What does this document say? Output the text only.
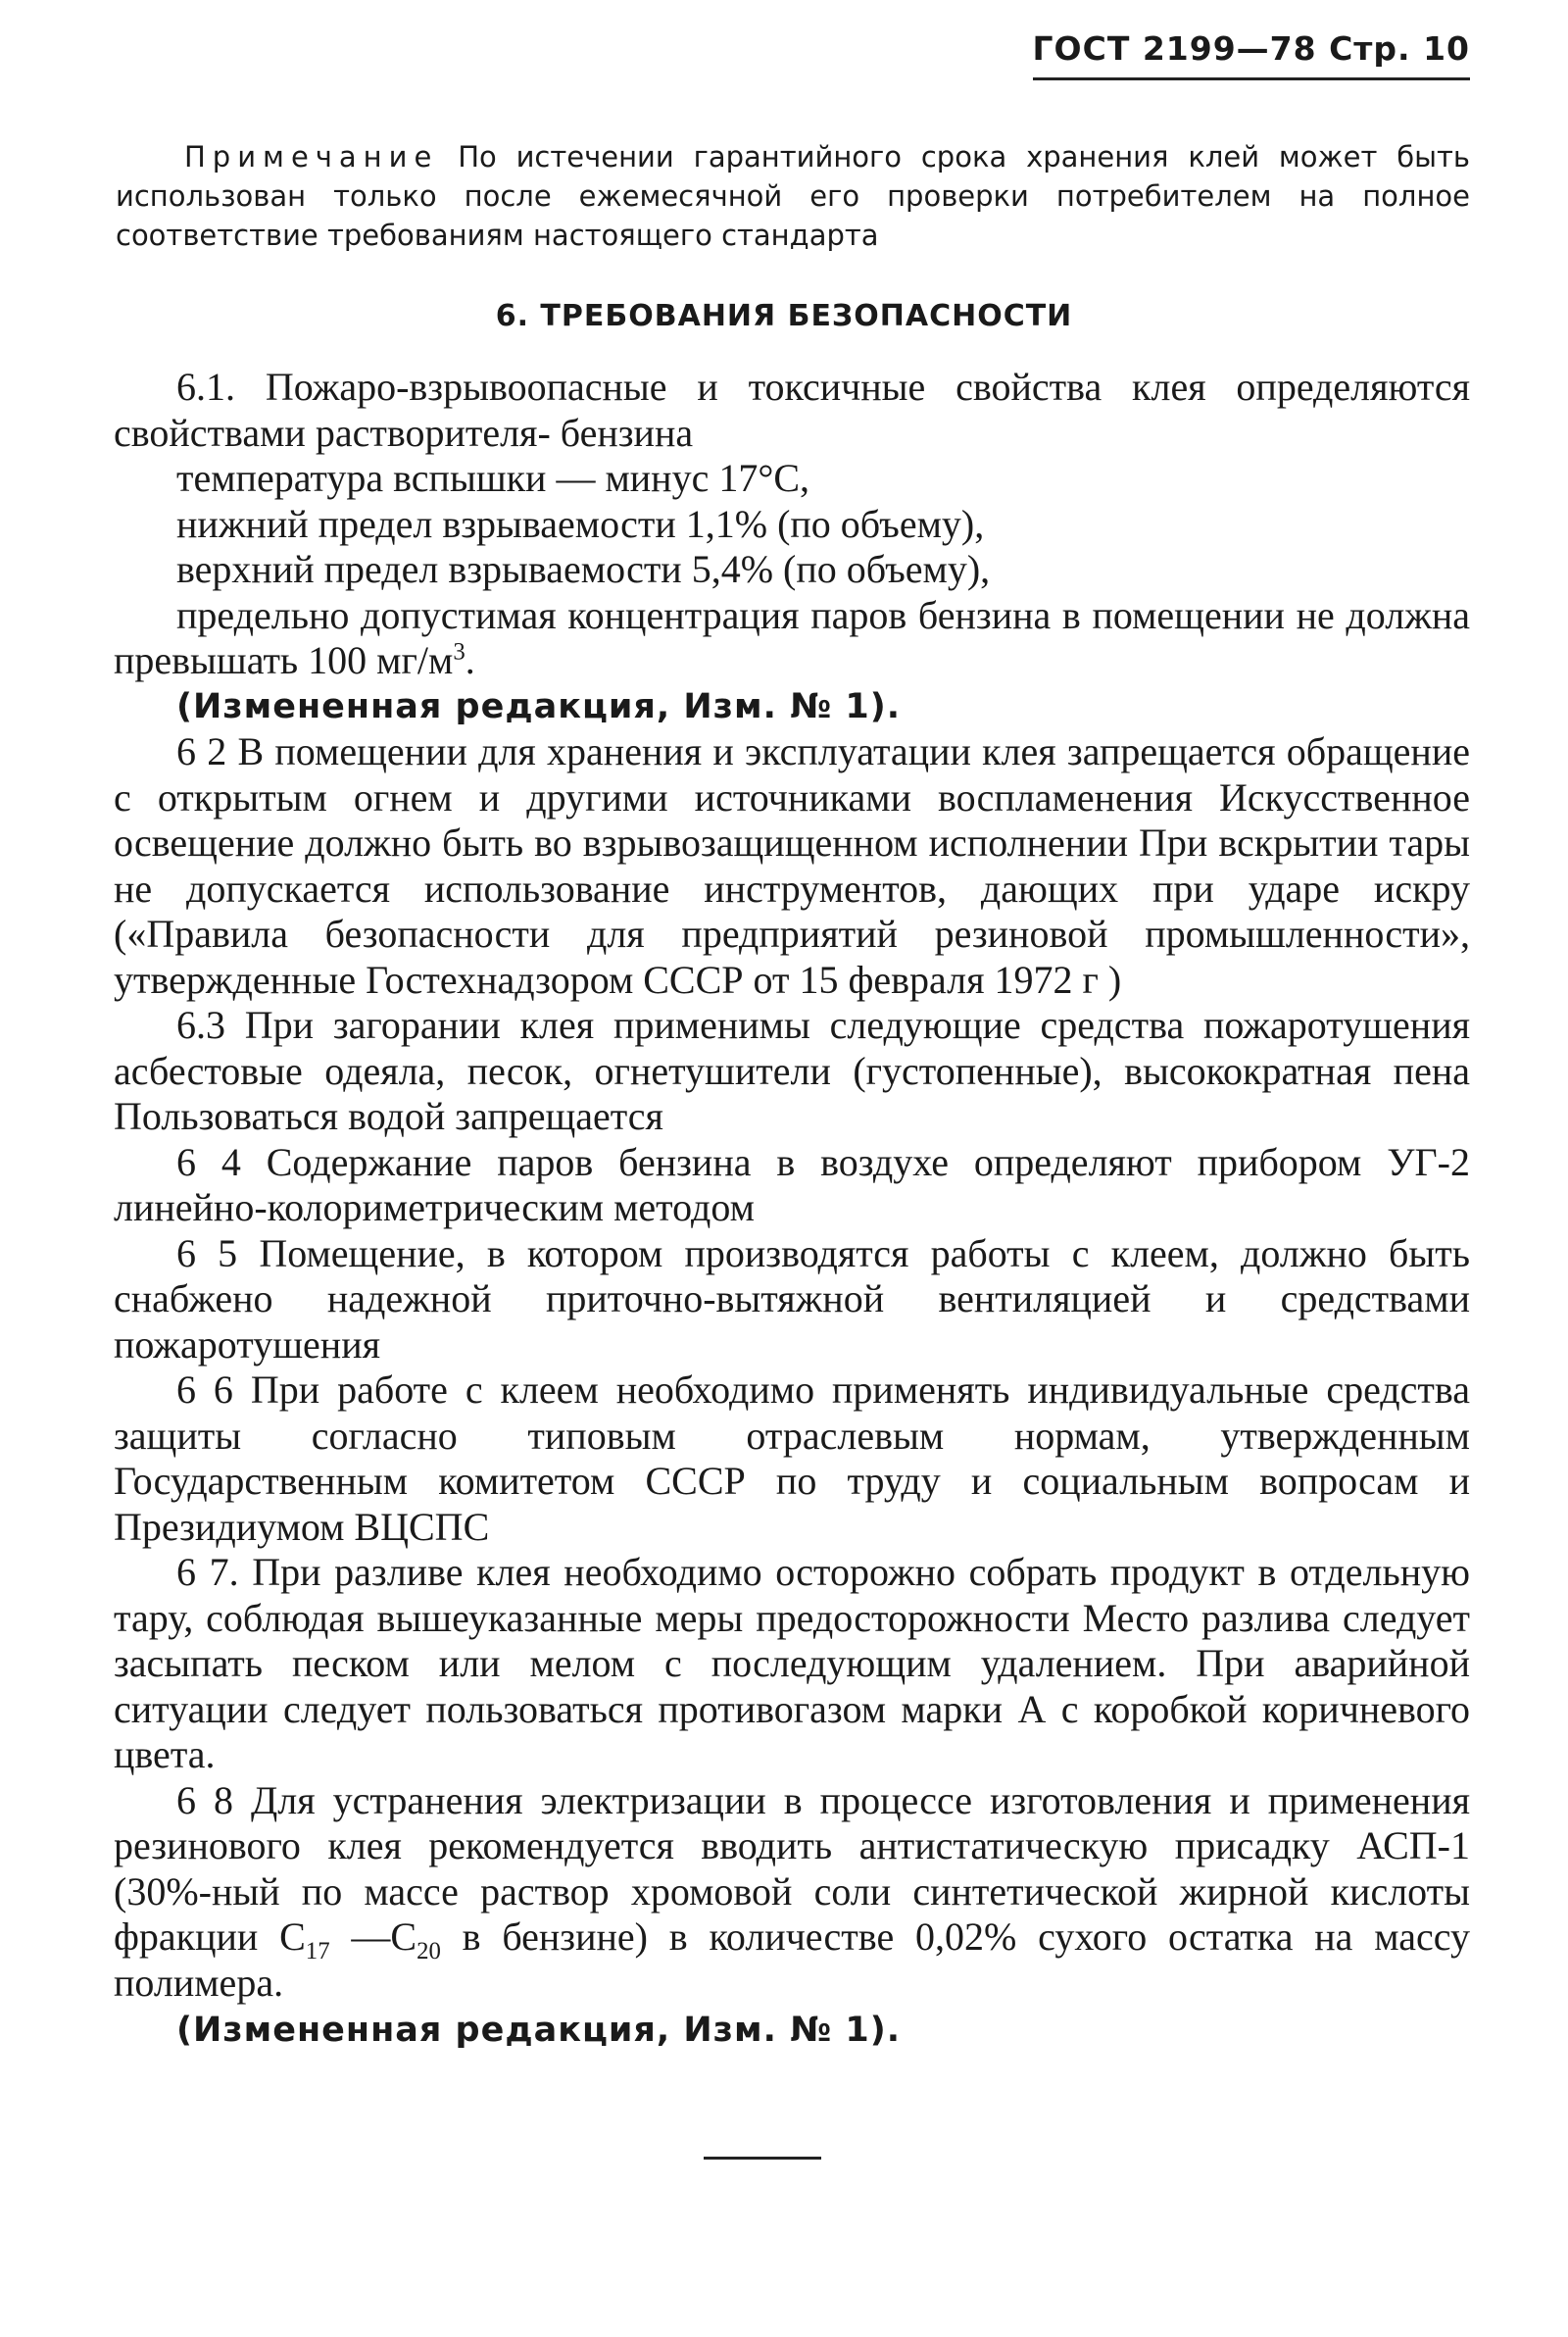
ГОСТ 2199—78 Стр. 10
Примечание По истечении гарантийного срока хранения клей может быть использован только после ежемесячной его проверки потребителем на полное соответствие требованиям настоящего стандарта
6. ТРЕБОВАНИЯ БЕЗОПАСНОСТИ

6.1. Пожаро-взрывоопасные и токсичные свойства клея определяются свойствами растворителя- бензина

температура вспышки — минус 17°С,

нижний предел взрываемости 1,1% (по объему),

верхний предел взрываемости 5,4% (по объему),

предельно допустимая концентрация паров бензина в помещении не должна превышать 100 $мг/м^3$.

(Измененная редакция, Изм. № 1).

6 2 В помещении для хранения и эксплуатации клея запрещается обращение с открытым огнем и другими источниками воспламенения Искусственное освещение должно быть во взрывозащищенном исполнении При вскрытии тары не допускается использование инструментов, дающих при ударе искру («Правила безопасности для предприятий резиновой промышленности», утвержденные Гостехнадзором СССР от 15 февраля 1972 г )

6.3 При загорании клея применимы следующие средства пожаротушения асбестовые одеяла, песок, огнетушители (густопенные), высокократная пена Пользоваться водой запрещается

6 4 Содержание паров бензина в воздухе определяют прибором УГ-2 линейно-колориметрическим методом

6 5 Помещение, в котором производятся работы с клеем, должно быть снабжено надежной приточно-вытяжной вентиляцией и средствами пожаротушения

6 6 При работе с клеем необходимо применять индивидуальные средства защиты согласно типовым отраслевым нормам, утвержденным Государственным комитетом СССР по труду и социальным вопросам и Президиумом ВЦСПС

6 7. При разливе клея необходимо осторожно собрать продукт в отдельную тару, соблюдая вышеуказанные меры предосторожности Место разлива следует засыпать песком или мелом с последующим удалением. При аварийной ситуации следует пользоваться противогазом марки А с коробкой коричневого цвета.

6 8 Для устранения электризации в процессе изготовления и применения резинового клея рекомендуется вводить антистатическую присадку АСП-1 (30%-ный по массе раствор хромовой соли синтетической жирной кислоты фракции $С_{17}$ $—С_{20}$ в бензине) в количестве 0,02% сухого остатка на массу полимера.

(Измененная редакция, Изм. № 1).
